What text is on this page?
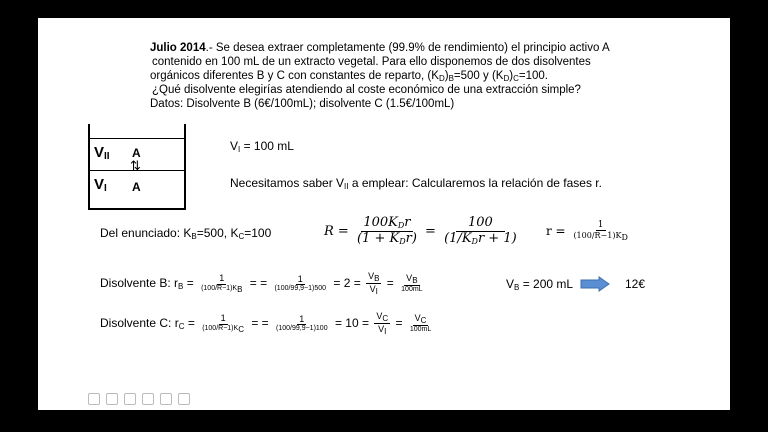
Julio 2014.- Se desea extraer completamente (99.9% de rendimiento) el principio activo A
contenido en 100 mL de un extracto vegetal. Para ello disponemos de dos disolventes
orgánicos diferentes B y C con constantes de reparto, $(K_D)_B=500$ y $(K_D)_C=100$.
¿Qué disolvente elegirías atendiendo al coste económico de una extracción simple?
Datos: Disolvente B (6€/100mL); disolvente C (1.5€/100mL)
$V_{II}$
$V_I$
A
⇅
A
$V_I = 100$ mL
Necesitamos saber $V_{II}$ a emplear: Calcularemos la relación de fases r.
Del enunciado: $K_B=500$, $K_C=100$	$R = \frac{100K_Dr}{(1 + K_Dr)} = \frac{100}{(1/K_Dr + 1)}$ $r = \frac{1}{(100/R-1)K_D}$
Disolvente B: $r_B = \frac{1}{(100/R-1)K_B}$ = = $\frac{1}{(100/99,9-1)500} = 2 = \frac{V_B}{V_I} = \frac{V_B}{100mL}$	$V_B = 200$ mL	12€
Disolvente C: $r_C = \frac{1}{(100/R-1)K_C}$ = = $\frac{1}{(100/99,9-1)100} = 10 = \frac{V_C}{V_I} = \frac{V_C}{100mL}$
